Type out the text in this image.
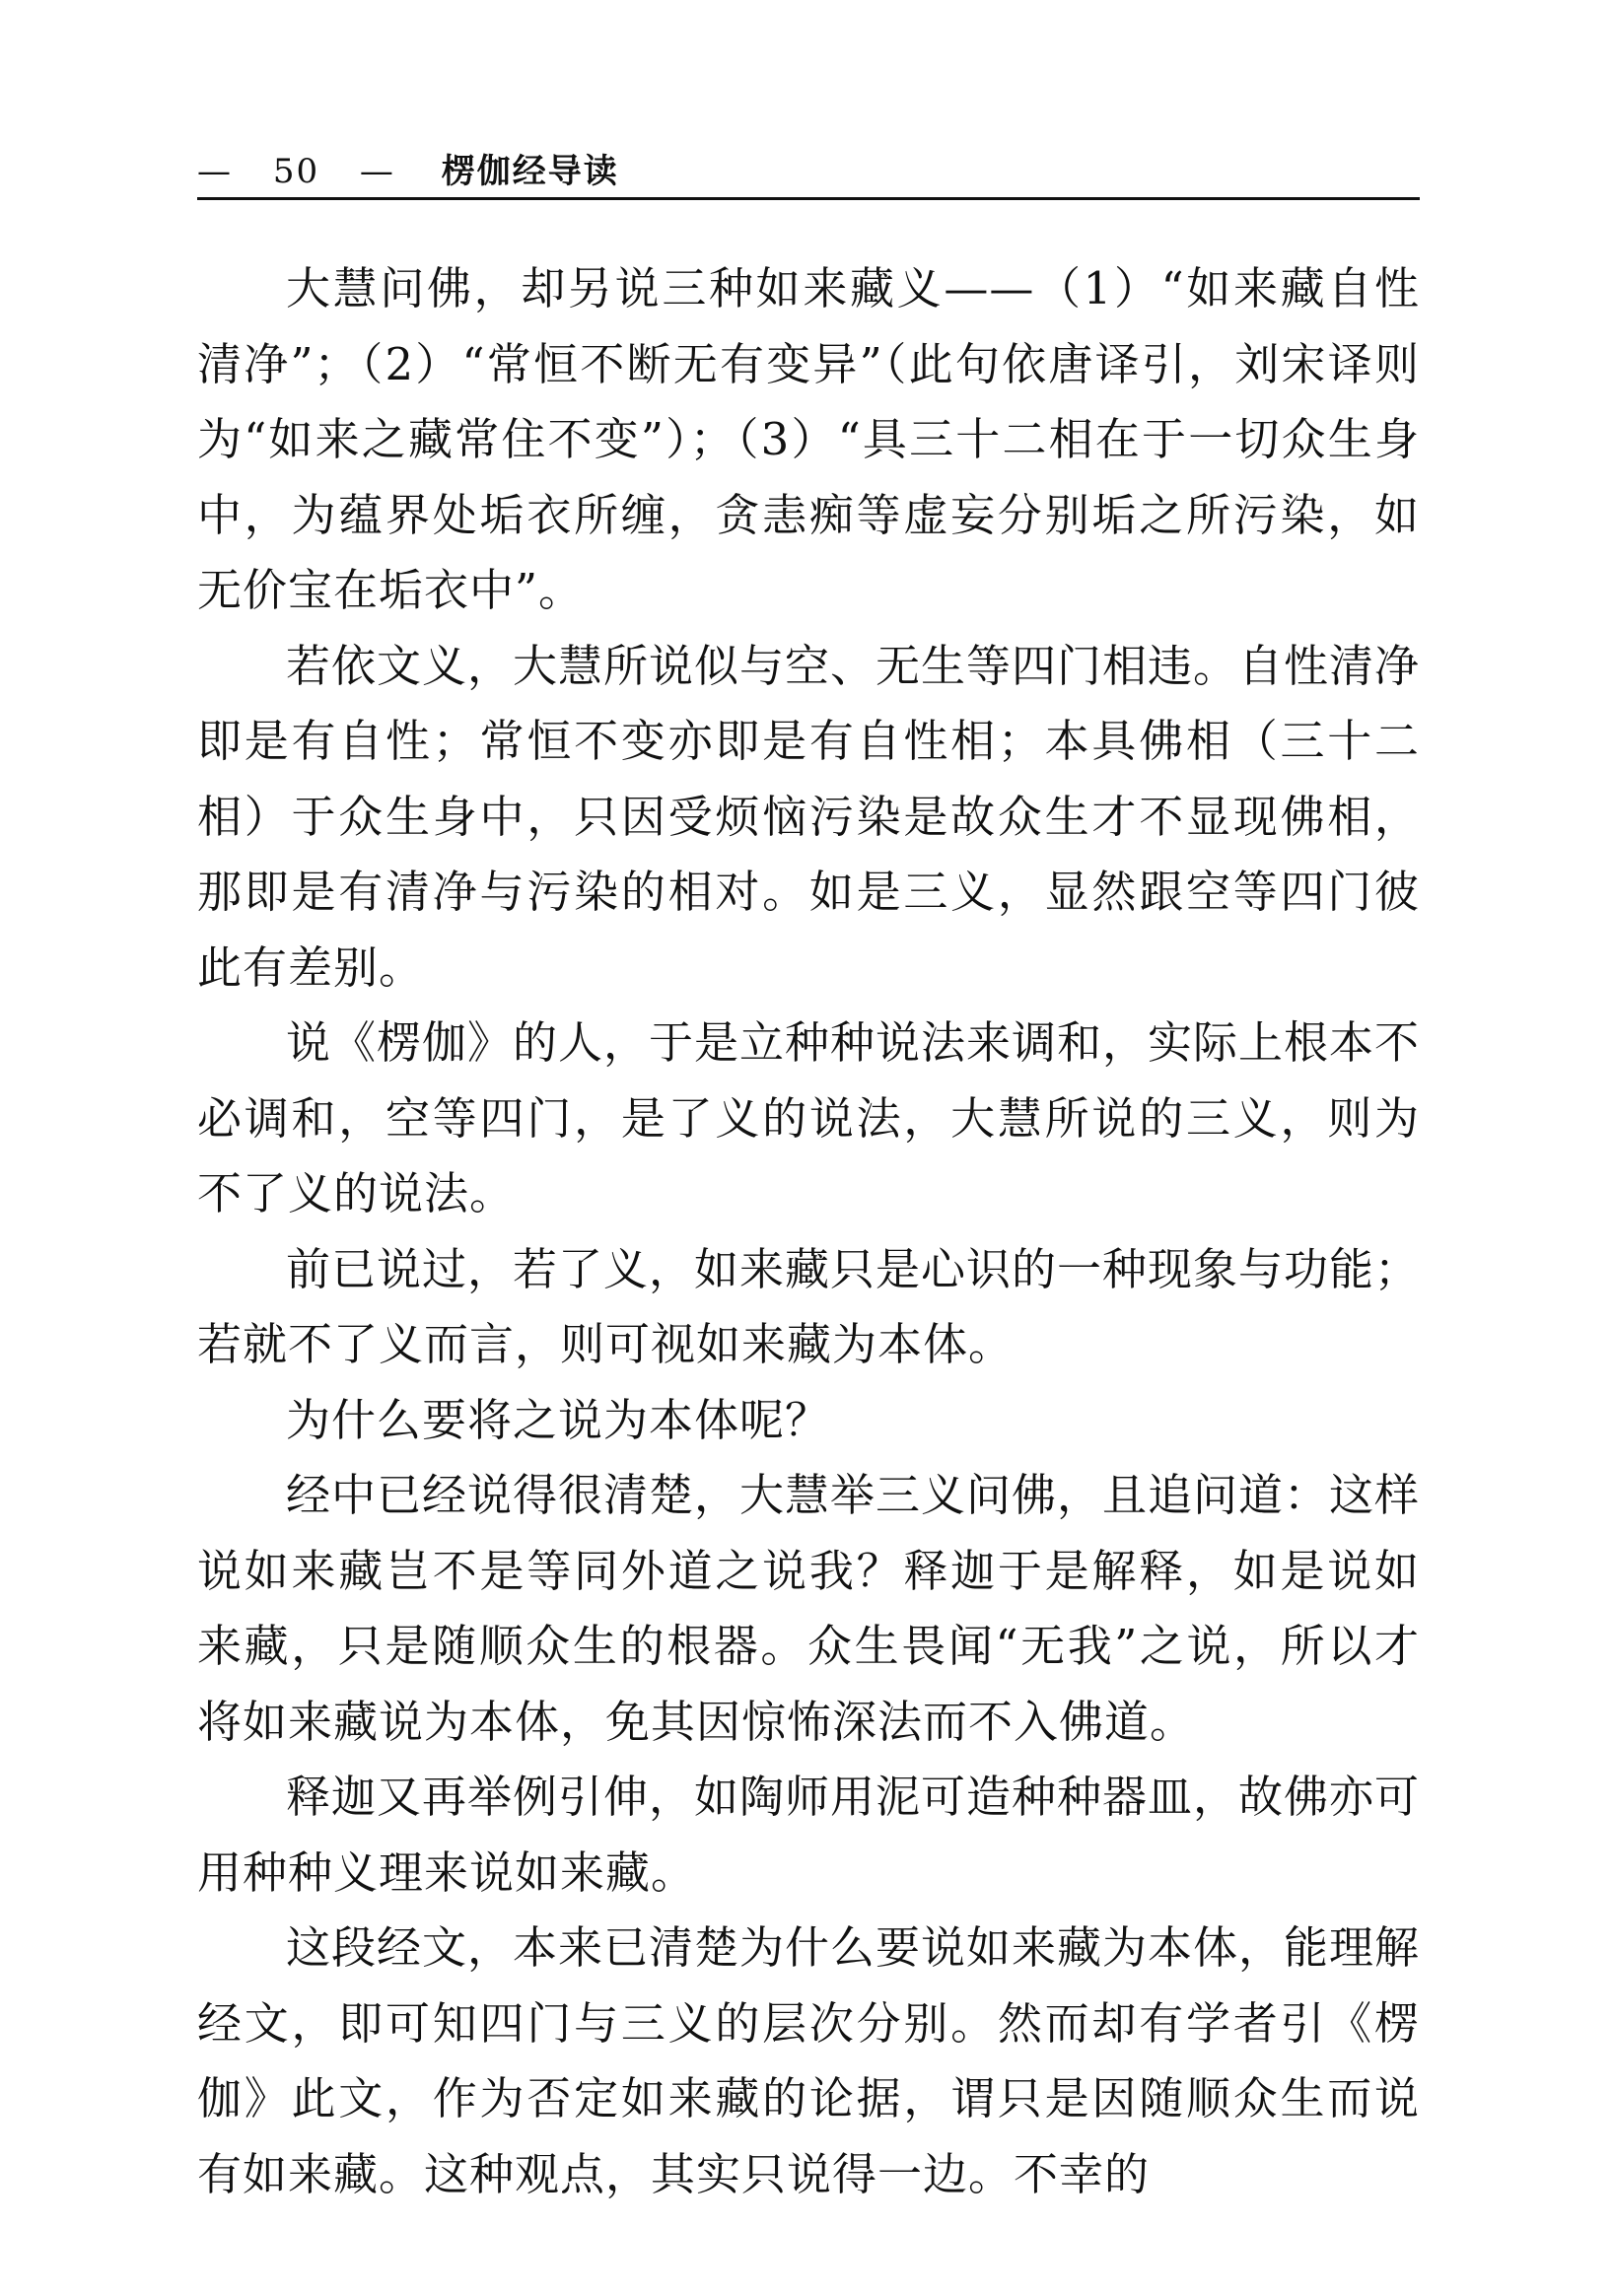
— 50 — 楞伽经导读

大慧问佛，却另说三种如来藏义——（1）“如来藏自性清净”；（2）“常恒不断无有变异”（此句依唐译引，刘宋译则为“如来之藏常住不变”）；（3）“具三十二相在于一切众生身中，为蕴界处垢衣所缠，贪恚痴等虚妄分别垢之所污染，如无价宝在垢衣中”。

若依文义，大慧所说似与空、无生等四门相违。自性清净即是有自性；常恒不变亦即是有自性相；本具佛相（三十二相）于众生身中，只因受烦恼污染是故众生才不显现佛相，那即是有清净与污染的相对。如是三义，显然跟空等四门彼此有差别。

说《楞伽》的人，于是立种种说法来调和，实际上根本不必调和，空等四门，是了义的说法，大慧所说的三义，则为不了义的说法。

前已说过，若了义，如来藏只是心识的一种现象与功能；若就不了义而言，则可视如来藏为本体。

为什么要将之说为本体呢？

经中已经说得很清楚，大慧举三义问佛，且追问道：这样说如来藏岂不是等同外道之说我？释迦于是解释，如是说如来藏，只是随顺众生的根器。众生畏闻“无我”之说，所以才将如来藏说为本体，免其因惊怖深法而不入佛道。

释迦又再举例引伸，如陶师用泥可造种种器皿，故佛亦可用种种义理来说如来藏。

这段经文，本来已清楚为什么要说如来藏为本体，能理解经文，即可知四门与三义的层次分别。然而却有学者引《楞伽》此文，作为否定如来藏的论据，谓只是因随顺众生而说有如来藏。这种观点，其实只说得一边。不幸的
